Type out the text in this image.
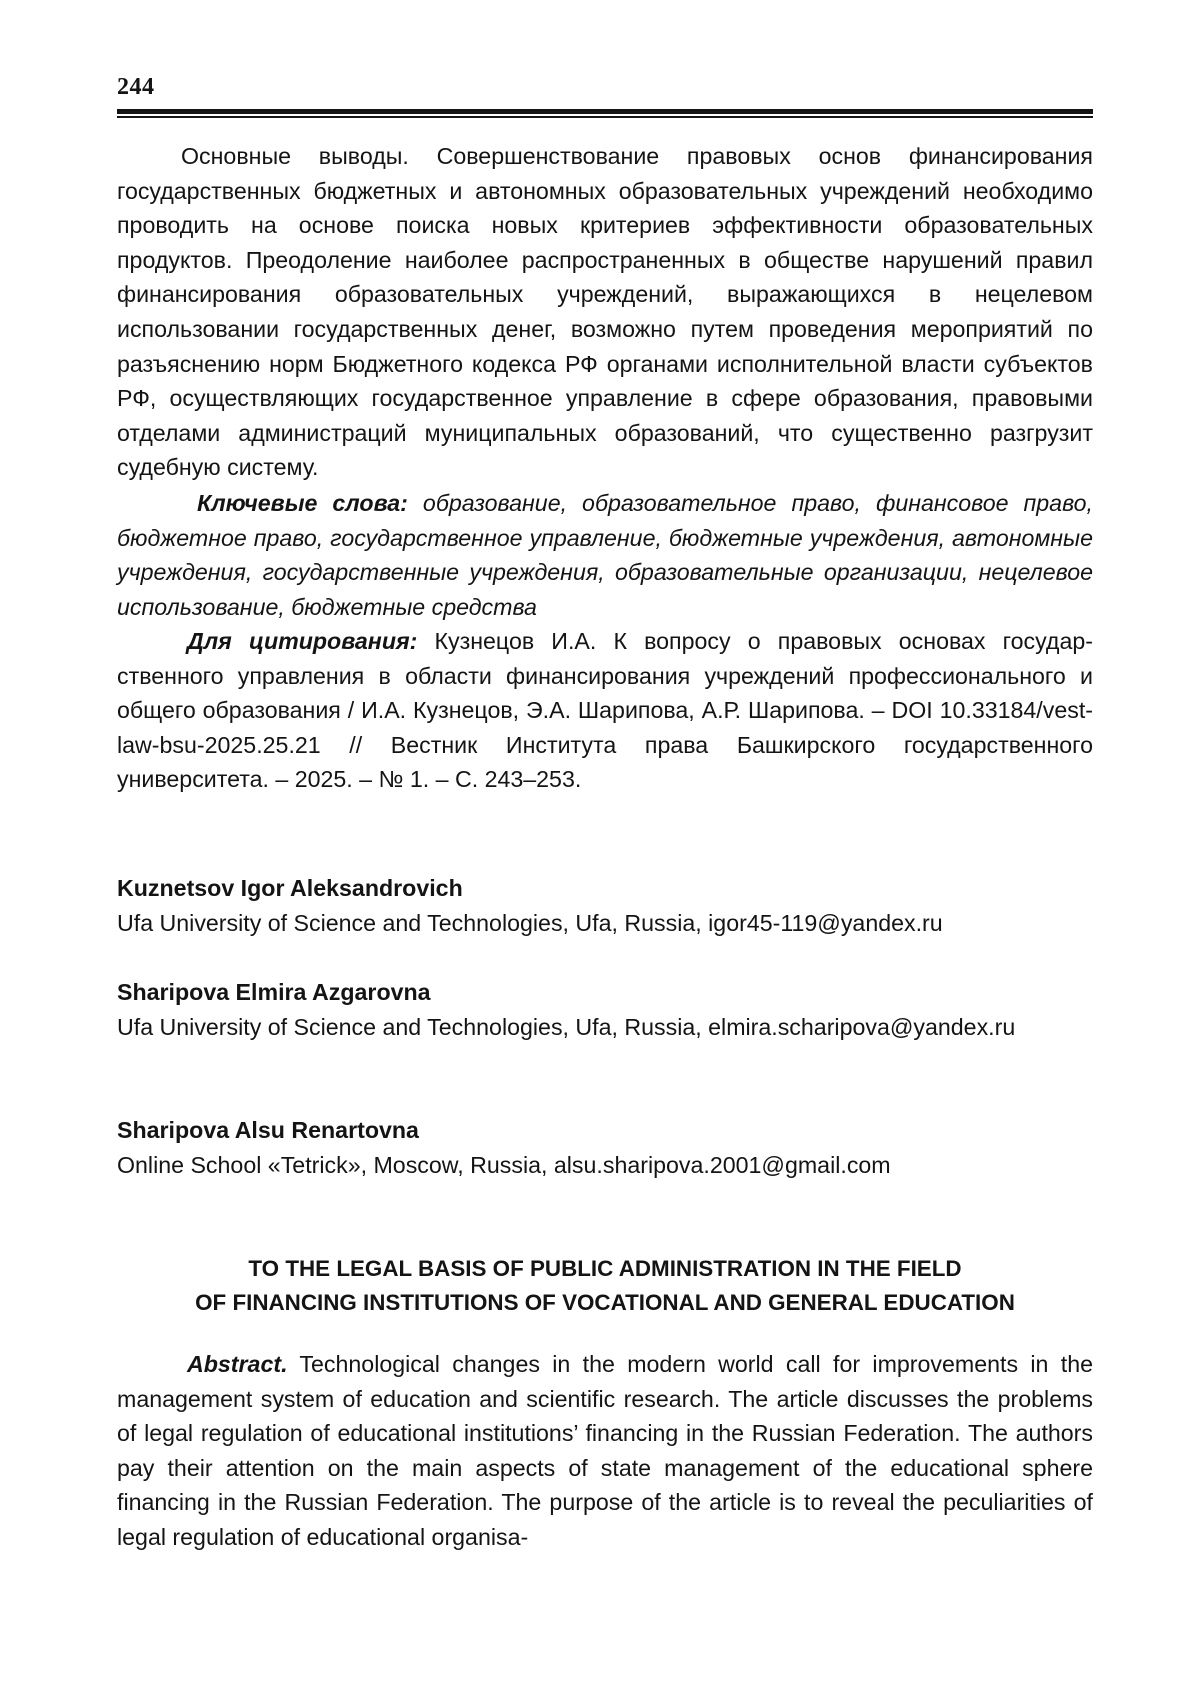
244

Основные выводы. Совершенствование правовых основ финансирования государственных бюджетных и автономных образовательных учреждений необходимо проводить на основе поиска новых критериев эффективности образовательных продуктов. Преодоление наиболее распространенных в обществе нарушений правил финансирования образовательных учреждений, выражающихся в нецелевом использовании государственных денег, возможно путем проведения мероприятий по разъяснению норм Бюджетного кодекса РФ органами исполнительной власти субъектов РФ, осуществляющих государственное управление в сфере образования, правовыми отделами администраций муниципальных образований, что существенно разгрузит судебную систему.

Ключевые слова: образование, образовательное право, финансовое право, бюджетное право, государственное управление, бюджетные учреждения, автономные учреждения, государственные учреждения, образовательные организации, нецелевое использование, бюджетные средства

Для цитирования: Кузнецов И.А. К вопросу о правовых основах государственного управления в области финансирования учреждений профессионального и общего образования / И.А. Кузнецов, Э.А. Шарипова, А.Р. Шарипова. – DOI 10.33184/vest-law-bsu-2025.25.21 // Вестник Института права Башкирского государственного университета. – 2025. – № 1. – С. 243–253.

Kuznetsov Igor Aleksandrovich
Ufa University of Science and Technologies, Ufa, Russia, igor45-119@yandex.ru
Sharipova Elmira Azgarovna
Ufa University of Science and Technologies, Ufa, Russia, elmira.scharipova@yandex.ru
Sharipova Alsu Renartovna
Online School «Tetrick», Moscow, Russia, alsu.sharipova.2001@gmail.com
TO THE LEGAL BASIS OF PUBLIC ADMINISTRATION IN THE FIELD
OF FINANCING INSTITUTIONS OF VOCATIONAL AND GENERAL EDUCATION

Abstract. Technological changes in the modern world call for improvements in the management system of education and scientific research. The article discusses the problems of legal regulation of educational institutions’ financing in the Russian Federation. The authors pay their attention on the main aspects of state management of the educational sphere financing in the Russian Federation. The purpose of the article is to reveal the peculiarities of legal regulation of educational organisa-
